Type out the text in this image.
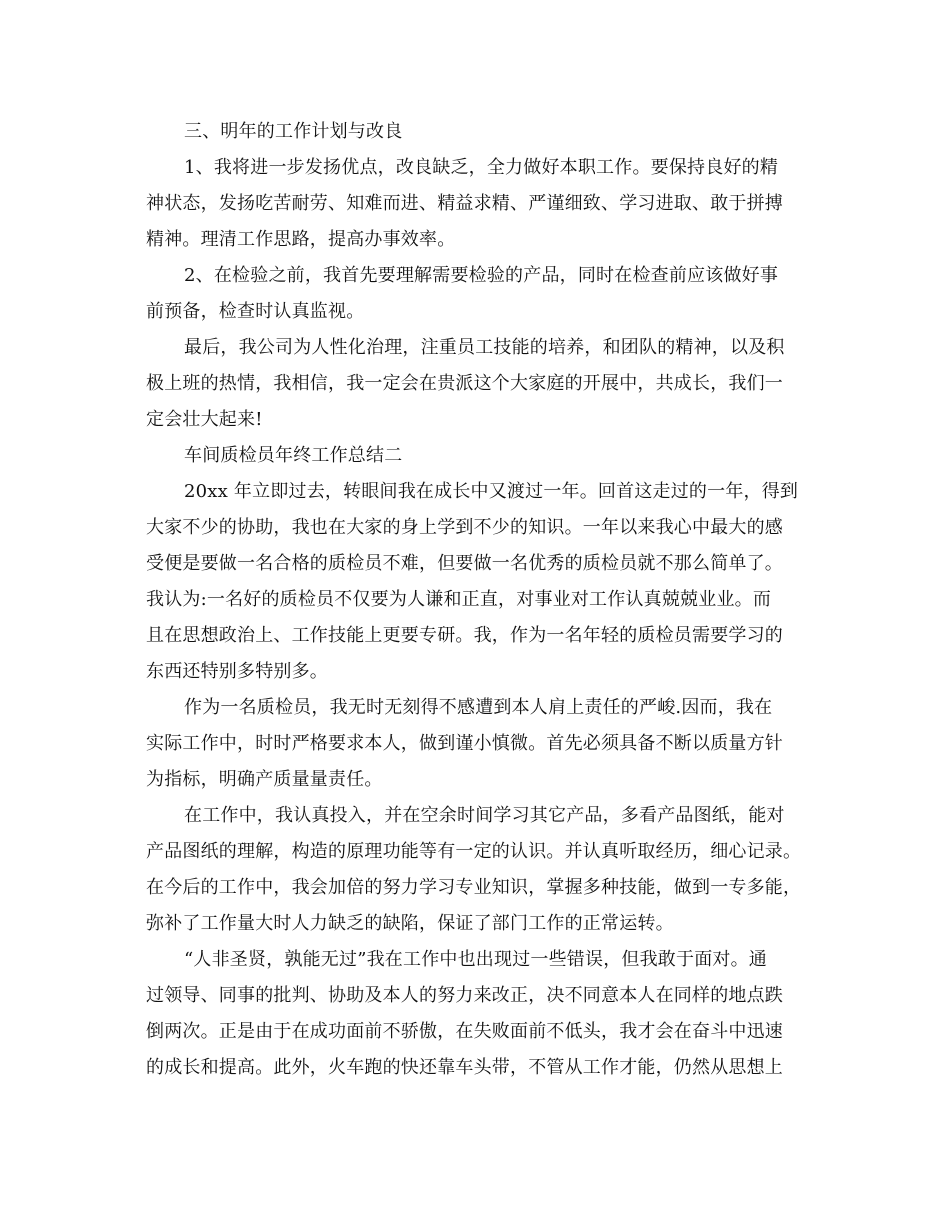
三、明年的工作计划与改良
1、我将进一步发扬优点，改良缺乏，全力做好本职工作。要保持良好的精
神状态，发扬吃苦耐劳、知难而进、精益求精、严谨细致、学习进取、敢于拼搏
精神。理清工作思路，提高办事效率。
2、在检验之前，我首先要理解需要检验的产品，同时在检查前应该做好事
前预备，检查时认真监视。
最后，我公司为人性化治理，注重员工技能的培养，和团队的精神，以及积
极上班的热情，我相信，我一定会在贵派这个大家庭的开展中，共成长，我们一
定会壮大起来!
车间质检员年终工作总结二
20xx 年立即过去，转眼间我在成长中又渡过一年。回首这走过的一年，得到
大家不少的协助，我也在大家的身上学到不少的知识。一年以来我心中最大的感
受便是要做一名合格的质检员不难，但要做一名优秀的质检员就不那么简单了。
我认为:一名好的质检员不仅要为人谦和正直，对事业对工作认真兢兢业业。而
且在思想政治上、工作技能上更要专研。我，作为一名年轻的质检员需要学习的
东西还特别多特别多。
作为一名质检员，我无时无刻得不感遭到本人肩上责任的严峻.因而，我在
实际工作中，时时严格要求本人，做到谨小慎微。首先必须具备不断以质量方针
为指标，明确产质量量责任。
在工作中，我认真投入，并在空余时间学习其它产品，多看产品图纸，能对
产品图纸的理解，构造的原理功能等有一定的认识。并认真听取经历，细心记录。
在今后的工作中，我会加倍的努力学习专业知识，掌握多种技能，做到一专多能，
弥补了工作量大时人力缺乏的缺陷，保证了部门工作的正常运转。
“人非圣贤，孰能无过”我在工作中也出现过一些错误，但我敢于面对。通
过领导、同事的批判、协助及本人的努力来改正，决不同意本人在同样的地点跌
倒两次。正是由于在成功面前不骄傲，在失败面前不低头，我才会在奋斗中迅速
的成长和提高。此外，火车跑的快还靠车头带，不管从工作才能，仍然从思想上
